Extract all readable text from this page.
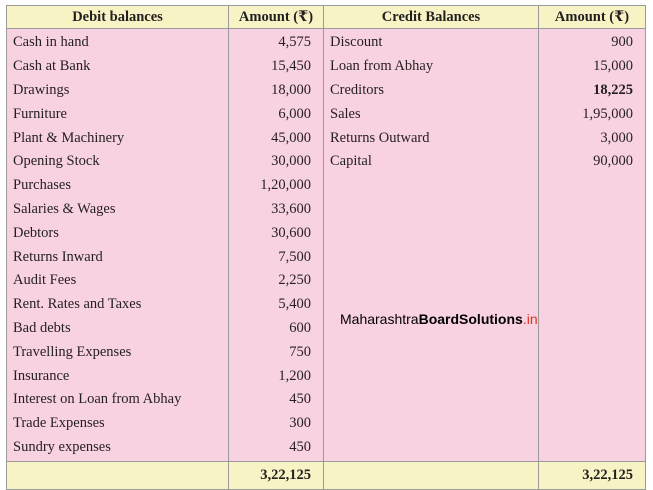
Debit balances	Amount (₹)	Credit Balances	Amount (₹)
Cash in hand	4,575	Discount	900
Cash at Bank	15,450	Loan from Abhay	15,000
Drawings	18,000	Creditors	18,225
Furniture	6,000	Sales	1,95,000
Plant & Machinery	45,000	Returns Outward	3,000
Opening Stock	30,000	Capital	90,000
Purchases	1,20,000		
Salaries & Wages	33,600		
Debtors	30,600		
Returns Inward	7,500		
Audit Fees	2,250		
Rent. Rates and Taxes	5,400		
Bad debts	600		
Travelling Expenses	750		
Insurance	1,200		
Interest on Loan from Abhay	450		
Trade Expenses	300		
Sundry expenses	450		
	3,22,125		3,22,125
MaharashtraBoardSolutions.in
